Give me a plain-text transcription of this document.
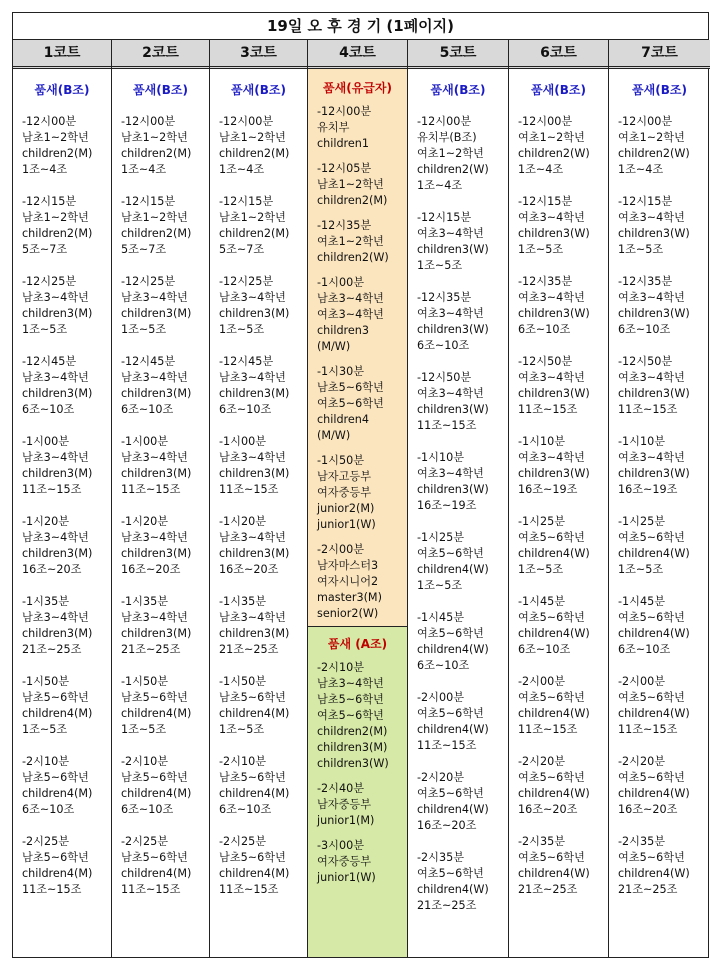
19일 오 후 경 기 (1페이지)
1코트
품새(B조)
-12시00분
남초1~2학년
children2(M)
1조~4조
-12시15분
남초1~2학년
children2(M)
5조~7조
-12시25분
남초3~4학년
children3(M)
1조~5조
-12시45분
남초3~4학년
children3(M)
6조~10조
-1시00분
남초3~4학년
children3(M)
11조~15조
-1시20분
남초3~4학년
children3(M)
16조~20조
-1시35분
남초3~4학년
children3(M)
21조~25조
-1시50분
남초5~6학년
children4(M)
1조~5조
-2시10분
남초5~6학년
children4(M)
6조~10조
-2시25분
남초5~6학년
children4(M)
11조~15조
2코트
품새(B조)
-12시00분
남초1~2학년
children2(M)
1조~4조
-12시15분
남초1~2학년
children2(M)
5조~7조
-12시25분
남초3~4학년
children3(M)
1조~5조
-12시45분
남초3~4학년
children3(M)
6조~10조
-1시00분
남초3~4학년
children3(M)
11조~15조
-1시20분
남초3~4학년
children3(M)
16조~20조
-1시35분
남초3~4학년
children3(M)
21조~25조
-1시50분
남초5~6학년
children4(M)
1조~5조
-2시10분
남초5~6학년
children4(M)
6조~10조
-2시25분
남초5~6학년
children4(M)
11조~15조
3코트
품새(B조)
-12시00분
남초1~2학년
children2(M)
1조~4조
-12시15분
남초1~2학년
children2(M)
5조~7조
-12시25분
남초3~4학년
children3(M)
1조~5조
-12시45분
남초3~4학년
children3(M)
6조~10조
-1시00분
남초3~4학년
children3(M)
11조~15조
-1시20분
남초3~4학년
children3(M)
16조~20조
-1시35분
남초3~4학년
children3(M)
21조~25조
-1시50분
남초5~6학년
children4(M)
1조~5조
-2시10분
남초5~6학년
children4(M)
6조~10조
-2시25분
남초5~6학년
children4(M)
11조~15조
4코트
품새(유급자)
-12시00분
유치부
children1
-12시05분
남초1~2학년
children2(M)
-12시35분
여초1~2학년
children2(W)
-1시00분
남초3~4학년
여초3~4학년
children3
(M/W)
-1시30분
남초5~6학년
여초5~6학년
children4
(M/W)
-1시50분
남자고등부
여자중등부
junior2(M)
junior1(W)
-2시00분
남자마스터3
여자시니어2
master3(M)
senior2(W)
품새 (A조)
-2시10분
남초3~4학년
남초5~6학년
여초5~6학년
children2(M)
children3(M)
children3(W)
-2시40분
남자중등부
junior1(M)
-3시00분
여자중등부
junior1(W)
5코트
품새(B조)
-12시00분
유치부(B조)
여초1~2학년
children2(W)
1조~4조
-12시15분
여초3~4학년
children3(W)
1조~5조
-12시35분
여초3~4학년
children3(W)
6조~10조
-12시50분
여초3~4학년
children3(W)
11조~15조
-1시10분
여초3~4학년
children3(W)
16조~19조
-1시25분
여초5~6학년
children4(W)
1조~5조
-1시45분
여초5~6학년
children4(W)
6조~10조
-2시00분
여초5~6학년
children4(W)
11조~15조
-2시20분
여초5~6학년
children4(W)
16조~20조
-2시35분
여초5~6학년
children4(W)
21조~25조
6코트
품새(B조)
-12시00분
여초1~2학년
children2(W)
1조~4조
-12시15분
여초3~4학년
children3(W)
1조~5조
-12시35분
여초3~4학년
children3(W)
6조~10조
-12시50분
여초3~4학년
children3(W)
11조~15조
-1시10분
여초3~4학년
children3(W)
16조~19조
-1시25분
여초5~6학년
children4(W)
1조~5조
-1시45분
여초5~6학년
children4(W)
6조~10조
-2시00분
여초5~6학년
children4(W)
11조~15조
-2시20분
여초5~6학년
children4(W)
16조~20조
-2시35분
여초5~6학년
children4(W)
21조~25조
7코트
품새(B조)
-12시00분
여초1~2학년
children2(W)
1조~4조
-12시15분
여초3~4학년
children3(W)
1조~5조
-12시35분
여초3~4학년
children3(W)
6조~10조
-12시50분
여초3~4학년
children3(W)
11조~15조
-1시10분
여초3~4학년
children3(W)
16조~19조
-1시25분
여초5~6학년
children4(W)
1조~5조
-1시45분
여초5~6학년
children4(W)
6조~10조
-2시00분
여초5~6학년
children4(W)
11조~15조
-2시20분
여초5~6학년
children4(W)
16조~20조
-2시35분
여초5~6학년
children4(W)
21조~25조
